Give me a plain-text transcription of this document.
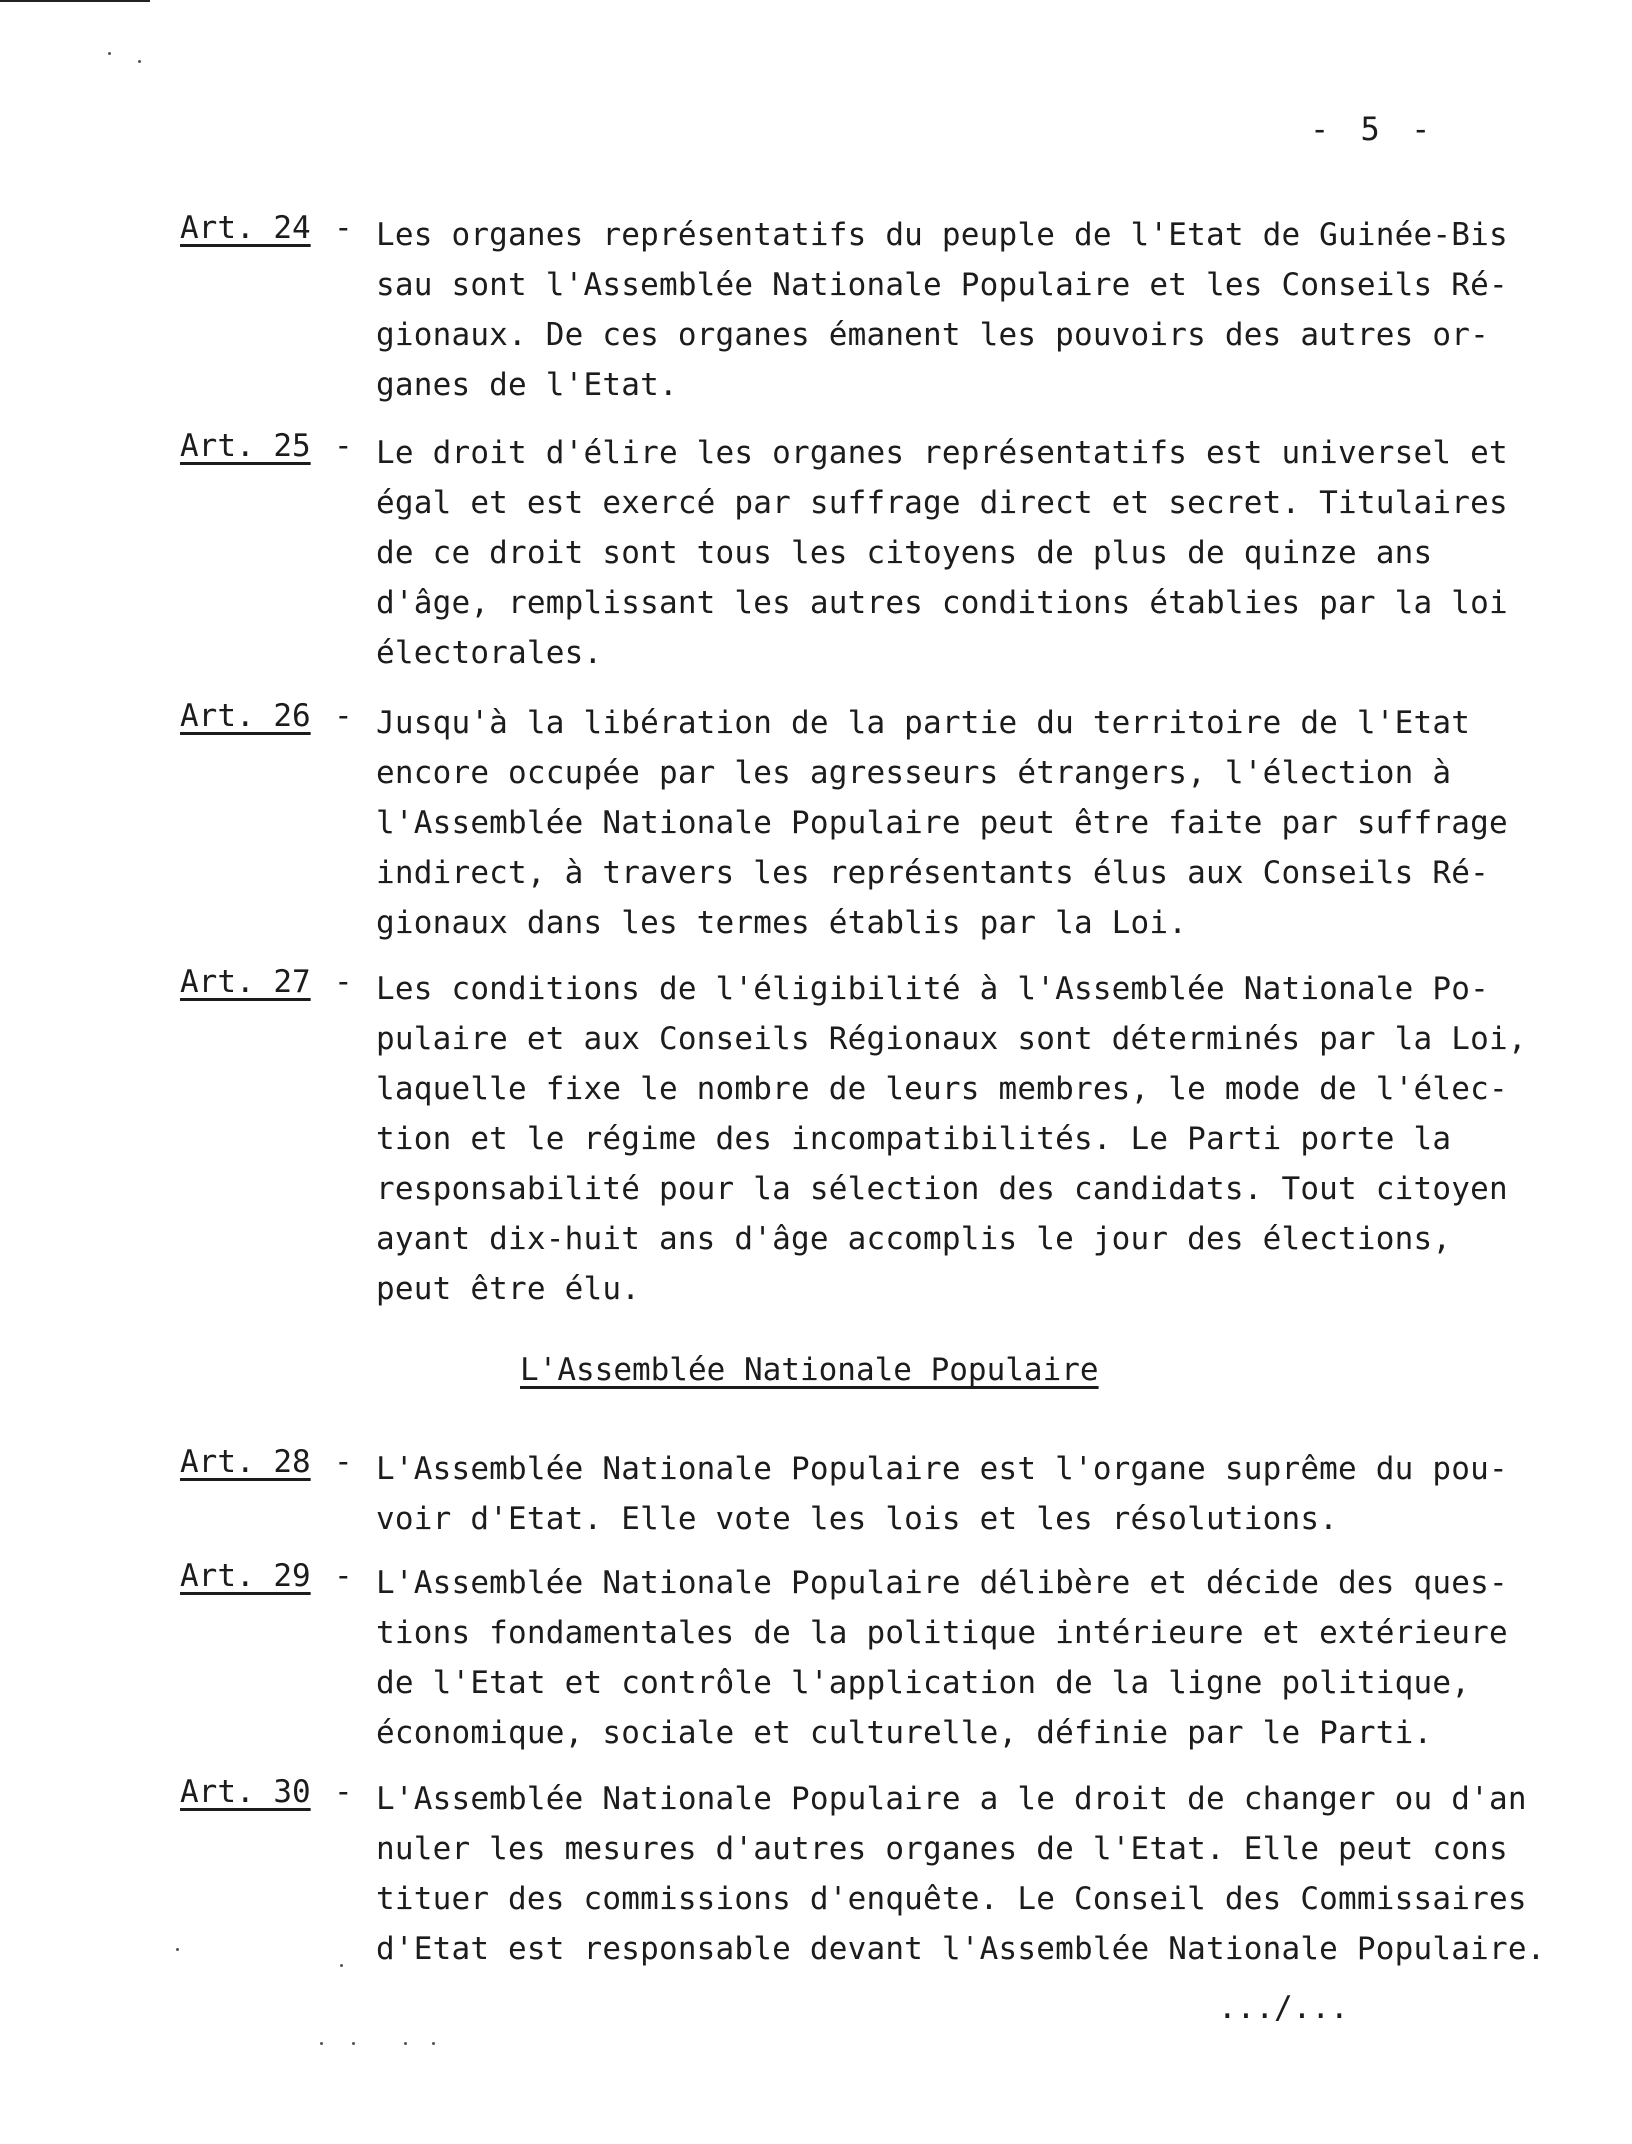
- 5 -
Art. 24 - Les organes représentatifs du peuple de l'Etat de Guinée-Bis
sau sont l'Assemblée Nationale Populaire et les Conseils Ré-
gionaux. De ces organes émanent les pouvoirs des autres or-
ganes de l'Etat.
Art. 25 - Le droit d'élire les organes représentatifs est universel et
égal et est exercé par suffrage direct et secret. Titulaires
de ce droit sont tous les citoyens de plus de quinze ans
d'âge, remplissant les autres conditions établies par la loi
électorales.
Art. 26 - Jusqu'à la libération de la partie du territoire de l'Etat
encore occupée par les agresseurs étrangers, l'élection à
l'Assemblée Nationale Populaire peut être faite par suffrage
indirect, à travers les représentants élus aux Conseils Ré-
gionaux dans les termes établis par la Loi.
Art. 27 - Les conditions de l'éligibilité à l'Assemblée Nationale Po-
pulaire et aux Conseils Régionaux sont déterminés par la Loi,
laquelle fixe le nombre de leurs membres, le mode de l'élec-
tion et le régime des incompatibilités. Le Parti porte la
responsabilité pour la sélection des candidats. Tout citoyen
ayant dix-huit ans d'âge accomplis le jour des élections,
peut être élu.
L'Assemblée Nationale Populaire
Art. 28 - L'Assemblée Nationale Populaire est l'organe suprême du pou-
voir d'Etat. Elle vote les lois et les résolutions.
Art. 29 - L'Assemblée Nationale Populaire délibère et décide des ques-
tions fondamentales de la politique intérieure et extérieure
de l'Etat et contrôle l'application de la ligne politique,
économique, sociale et culturelle, définie par le Parti.
Art. 30 - L'Assemblée Nationale Populaire a le droit de changer ou d'an
nuler les mesures d'autres organes de l'Etat. Elle peut cons
tituer des commissions d'enquête. Le Conseil des Commissaires
d'Etat est responsable devant l'Assemblée Nationale Populaire.
.../...
